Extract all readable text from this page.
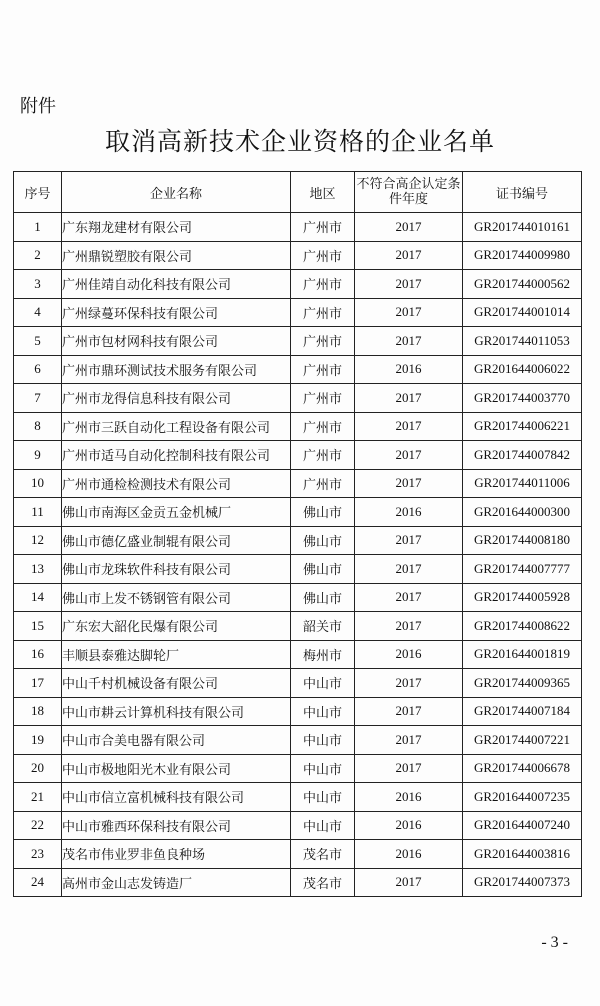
附件
取消高新技术企业资格的企业名单
序号	企业名称	地区	不符合高企认定条件年度	证书编号
1	广东翔龙建材有限公司	广州市	2017	GR201744010161
2	广州鼎锐塑胶有限公司	广州市	2017	GR201744009980
3	广州佳靖自动化科技有限公司	广州市	2017	GR201744000562
4	广州绿蔓环保科技有限公司	广州市	2017	GR201744001014
5	广州市包材网科技有限公司	广州市	2017	GR201744011053
6	广州市鼎环测试技术服务有限公司	广州市	2016	GR201644006022
7	广州市龙得信息科技有限公司	广州市	2017	GR201744003770
8	广州市三跃自动化工程设备有限公司	广州市	2017	GR201744006221
9	广州市适马自动化控制科技有限公司	广州市	2017	GR201744007842
10	广州市通检检测技术有限公司	广州市	2017	GR201744011006
11	佛山市南海区金贡五金机械厂	佛山市	2016	GR201644000300
12	佛山市德亿盛业制辊有限公司	佛山市	2017	GR201744008180
13	佛山市龙珠软件科技有限公司	佛山市	2017	GR201744007777
14	佛山市上发不锈钢管有限公司	佛山市	2017	GR201744005928
15	广东宏大韶化民爆有限公司	韶关市	2017	GR201744008622
16	丰顺县泰雅达脚轮厂	梅州市	2016	GR201644001819
17	中山千村机械设备有限公司	中山市	2017	GR201744009365
18	中山市耕云计算机科技有限公司	中山市	2017	GR201744007184
19	中山市合美电器有限公司	中山市	2017	GR201744007221
20	中山市极地阳光木业有限公司	中山市	2017	GR201744006678
21	中山市信立富机械科技有限公司	中山市	2016	GR201644007235
22	中山市雅西环保科技有限公司	中山市	2016	GR201644007240
23	茂名市伟业罗非鱼良种场	茂名市	2016	GR201644003816
24	高州市金山志发铸造厂	茂名市	2017	GR201744007373
- 3 -
